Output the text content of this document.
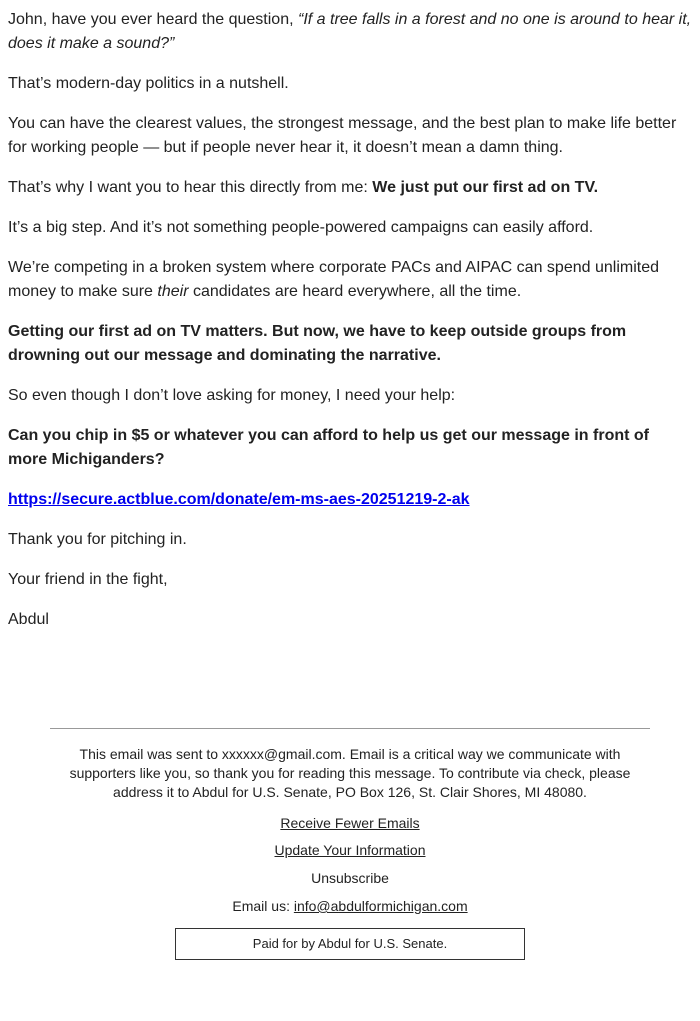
John, have you ever heard the question, “If a tree falls in a forest and no one is around to hear it, does it make a sound?”

That’s modern-day politics in a nutshell.

You can have the clearest values, the strongest message, and the best plan to make life better for working people — but if people never hear it, it doesn’t mean a damn thing.

That’s why I want you to hear this directly from me: We just put our first ad on TV.

It’s a big step. And it’s not something people-powered campaigns can easily afford.

We’re competing in a broken system where corporate PACs and AIPAC can spend unlimited money to make sure their candidates are heard everywhere, all the time.

Getting our first ad on TV matters. But now, we have to keep outside groups from drowning out our message and dominating the narrative.

So even though I don’t love asking for money, I need your help:

Can you chip in $5 or whatever you can afford to help us get our message in front of more Michiganders?

https://secure.actblue.com/donate/em-ms-aes-20251219-2-ak

Thank you for pitching in.

Your friend in the fight,

Abdul

This email was sent to xxxxxx@gmail.com. Email is a critical way we communicate with supporters like you, so thank you for reading this message. To contribute via check, please address it to Abdul for U.S. Senate, PO Box 126, St. Clair Shores, MI 48080.
Receive Fewer Emails
Update Your Information
Unsubscribe
Email us: info@abdulformichigan.com
Paid for by Abdul for U.S. Senate.
